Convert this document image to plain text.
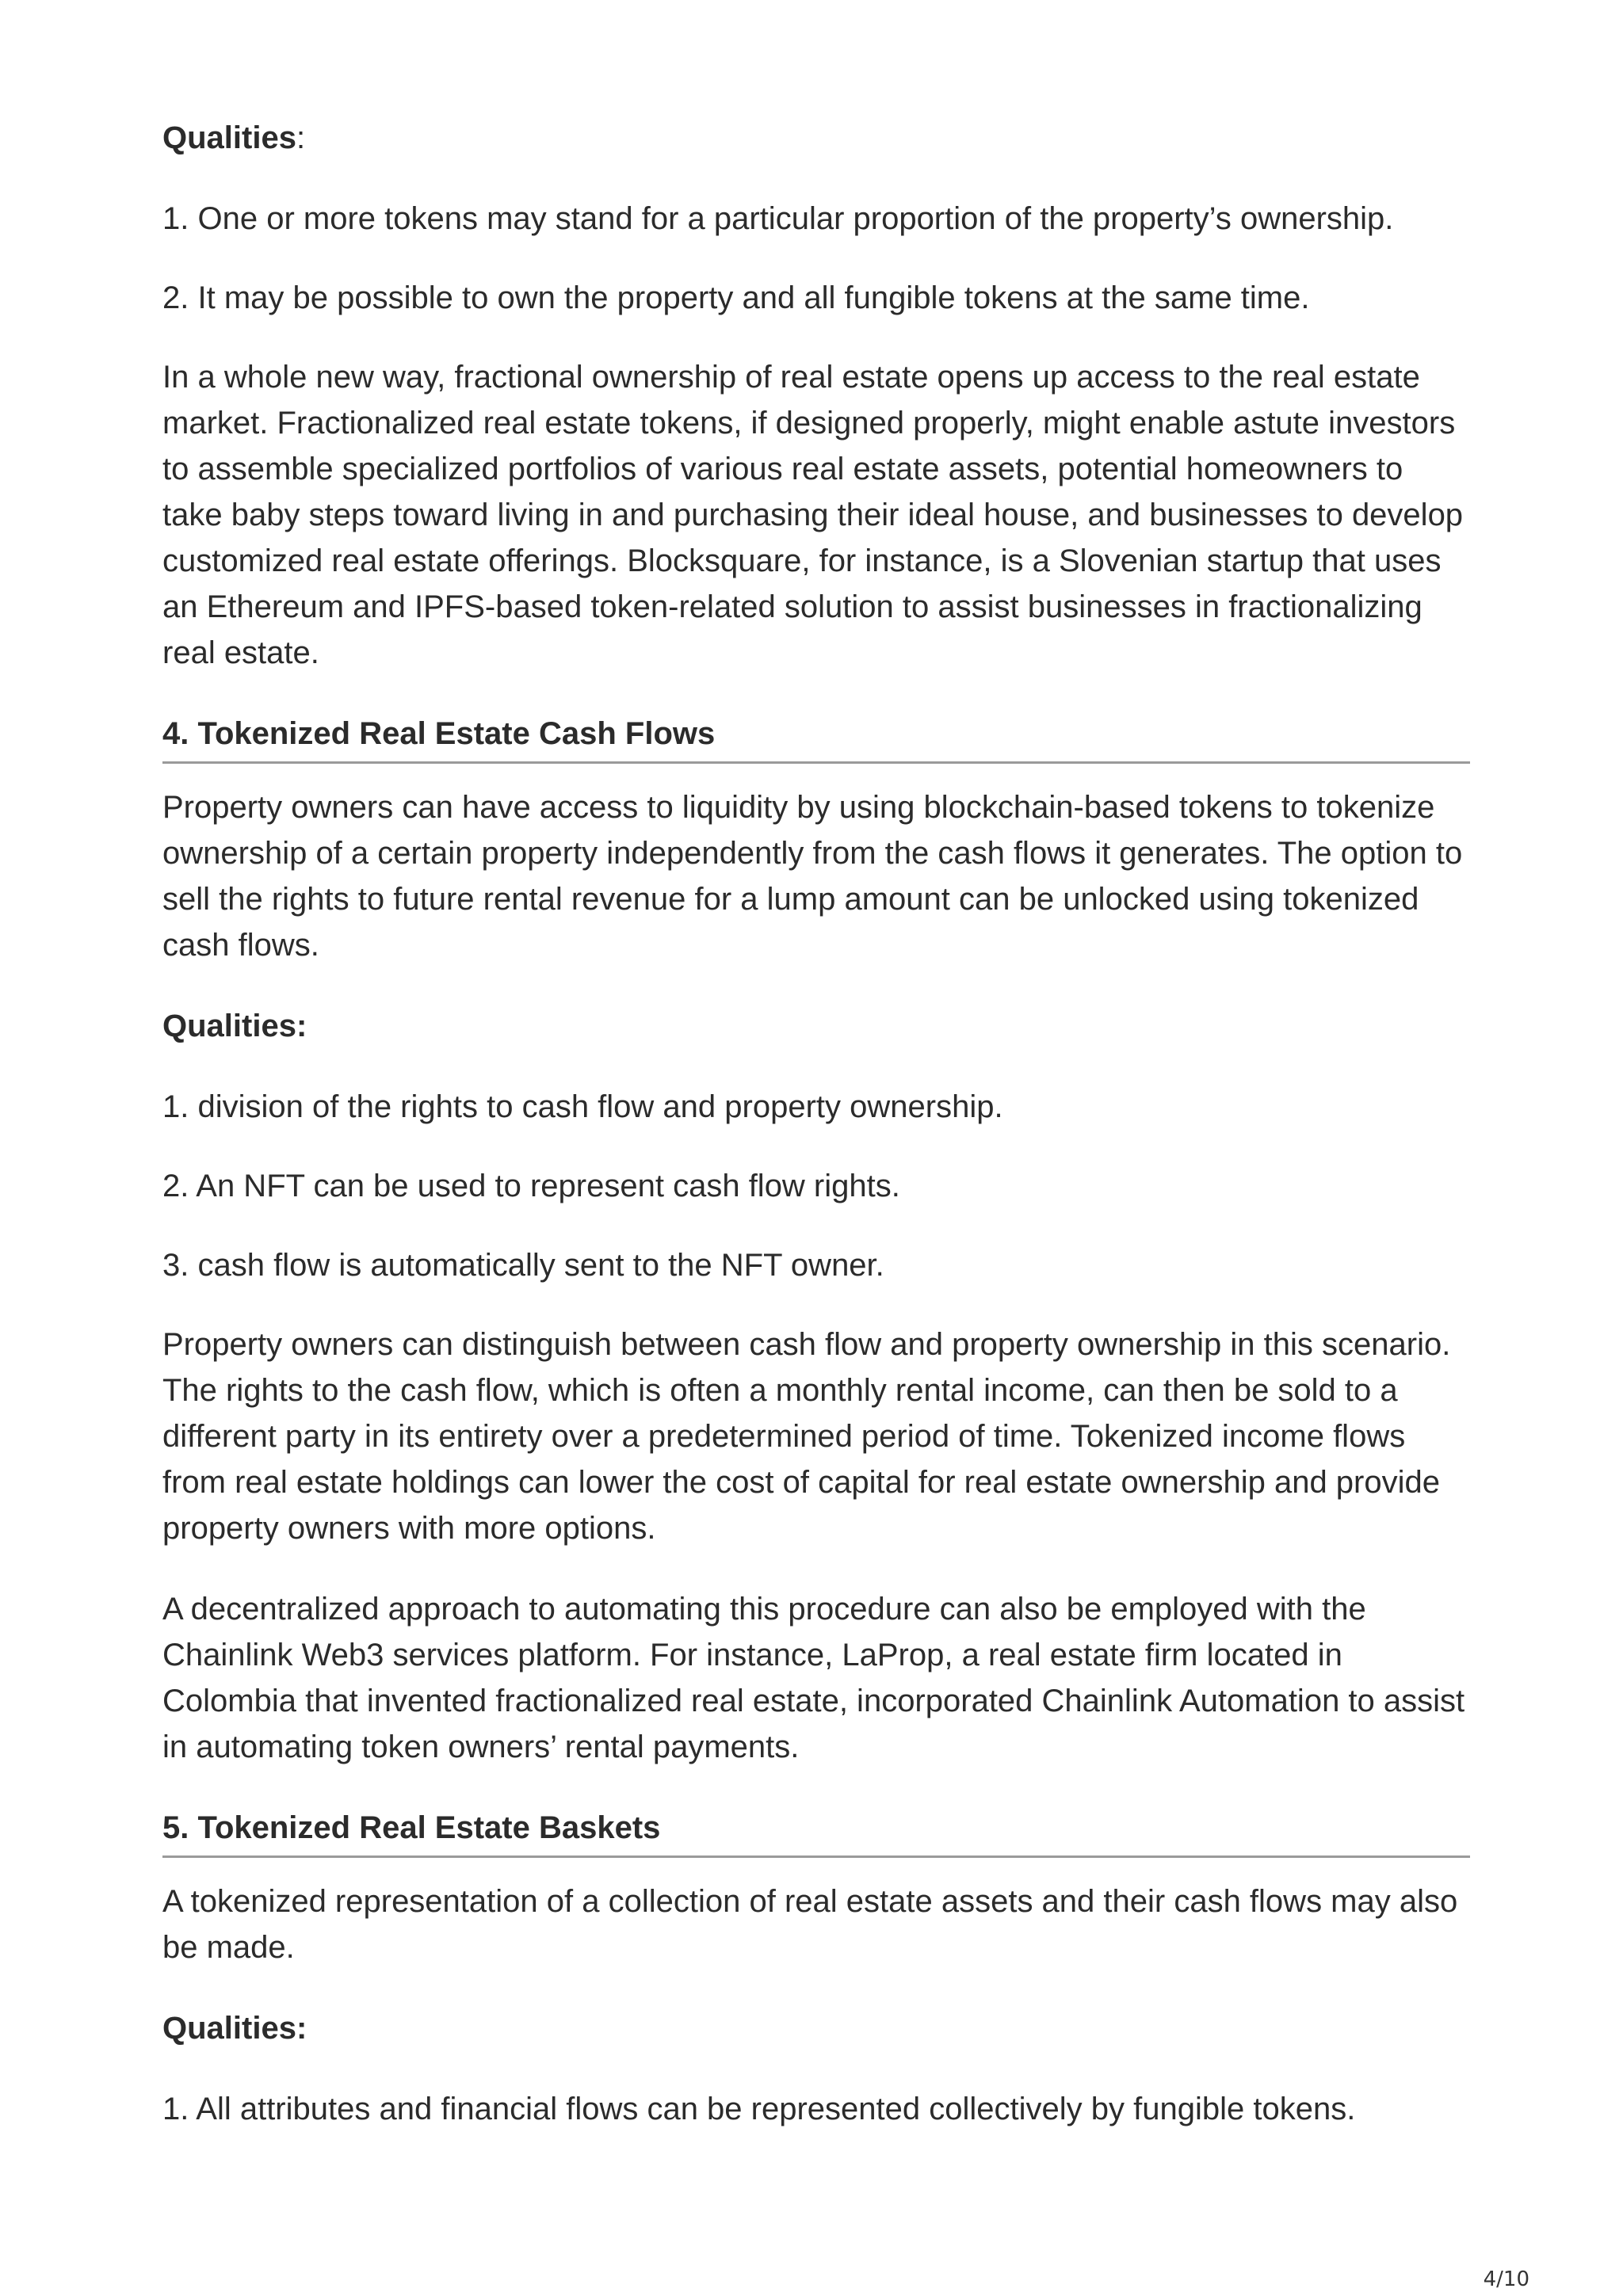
Qualities:

1. One or more tokens may stand for a particular proportion of the property’s ownership.

2. It may be possible to own the property and all fungible tokens at the same time.

In a whole new way, fractional ownership of real estate opens up access to the real estate market. Fractionalized real estate tokens, if designed properly, might enable astute investors to assemble specialized portfolios of various real estate assets, potential homeowners to take baby steps toward living in and purchasing their ideal house, and businesses to develop customized real estate offerings. Blocksquare, for instance, is a Slovenian startup that uses an Ethereum and IPFS-based token-related solution to assist businesses in fractionalizing real estate.

4. Tokenized Real Estate Cash Flows

Property owners can have access to liquidity by using blockchain-based tokens to tokenize ownership of a certain property independently from the cash flows it generates. The option to sell the rights to future rental revenue for a lump amount can be unlocked using tokenized cash flows.

Qualities:

1. division of the rights to cash flow and property ownership.

2. An NFT can be used to represent cash flow rights.

3. cash flow is automatically sent to the NFT owner.

Property owners can distinguish between cash flow and property ownership in this scenario. The rights to the cash flow, which is often a monthly rental income, can then be sold to a different party in its entirety over a predetermined period of time. Tokenized income flows from real estate holdings can lower the cost of capital for real estate ownership and provide property owners with more options.

A decentralized approach to automating this procedure can also be employed with the Chainlink Web3 services platform. For instance, LaProp, a real estate firm located in Colombia that invented fractionalized real estate, incorporated Chainlink Automation to assist in automating token owners’ rental payments.

5. Tokenized Real Estate Baskets

A tokenized representation of a collection of real estate assets and their cash flows may also be made.

Qualities:

1. All attributes and financial flows can be represented collectively by fungible tokens.

4/10
